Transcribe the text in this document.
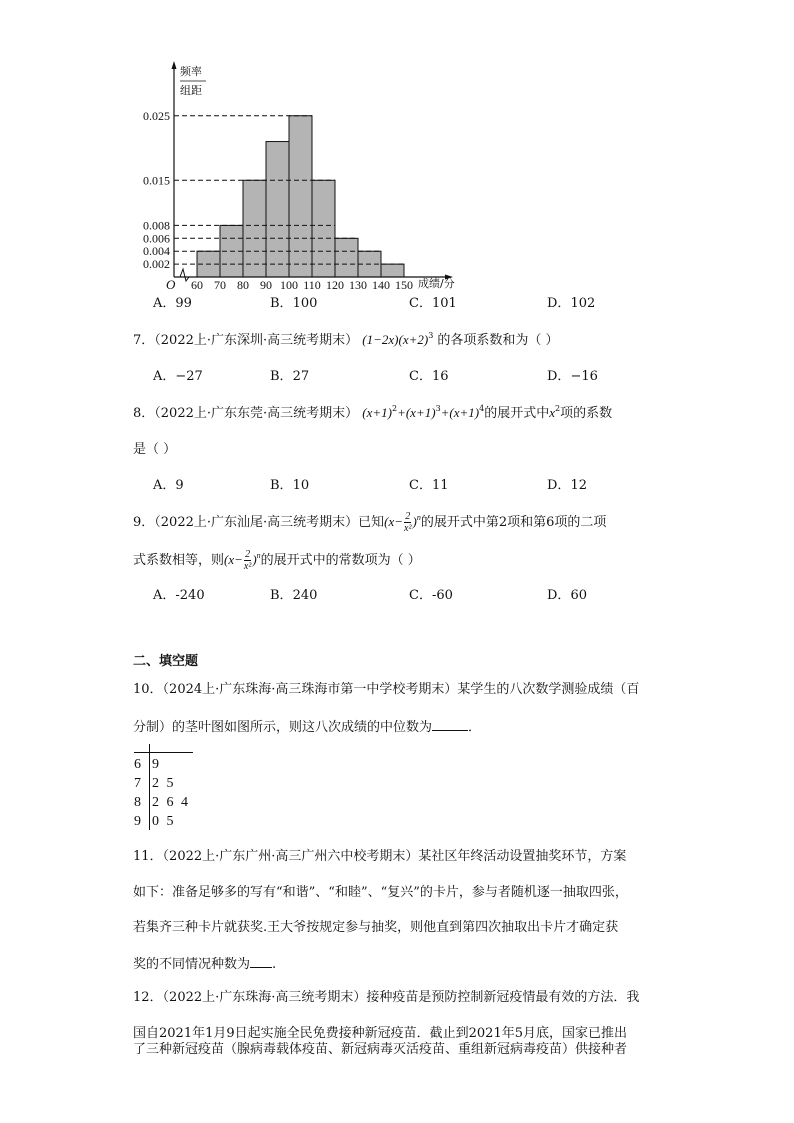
0.002
0.004
0.006
0.008
0.015
0.025
60 70 80 90 100 110 120 130 140 150
O	成绩/分
频率
组距
A．99	B．100	C．101	D．102
7．（2022上·广东深圳·高三统考期末） $(1-2x)(x+2)^3$ 的各项系数和为（ ）
A．−27	B．27	C．16	D．−16
8．（2022上·广东东莞·高三统考期末） $(x+1)^2+(x+1)^3+(x+1)^4$的展开式中$x^2$项的系数
是（ ）
A．9	B．10	C．11	D．12
9．（2022上·广东汕尾·高三统考期末）已知$(x- \frac{2}{\text{x²}} )^n$的展开式中第2项和第6项的二项
式系数相等，则$(x- \frac{2}{\text{x²}} )^n$的展开式中的常数项为（ ）
A．-240	B．240	C．-60	D．60
二、填空题
10．（2024上·广东珠海·高三珠海市第一中学校考期末）某学生的八次数学测验成绩（百
分制）的茎叶图如图所示，则这八次成绩的中位数为	．
6 9
7 2 5
8 2 6 4
9 0 5
11．（2022上·广东广州·高三广州六中校考期末）某社区年终活动设置抽奖环节，方案
如下：准备足够多的写有“和谐”、“和睦”、“复兴”的卡片，参与者随机逐一抽取四张，
若集齐三种卡片就获奖.王大爷按规定参与抽奖，则他直到第四次抽取出卡片才确定获
奖的不同情况种数为 .
12．（2022上·广东珠海·高三统考期末）接种疫苗是预防控制新冠疫情最有效的方法．我
国自2021年1月9日起实施全民免费接种新冠疫苗．截止到2021年5月底，国家已推出
了三种新冠疫苗（腺病毒载体疫苗、新冠病毒灭活疫苗、重组新冠病毒疫苗）供接种者
